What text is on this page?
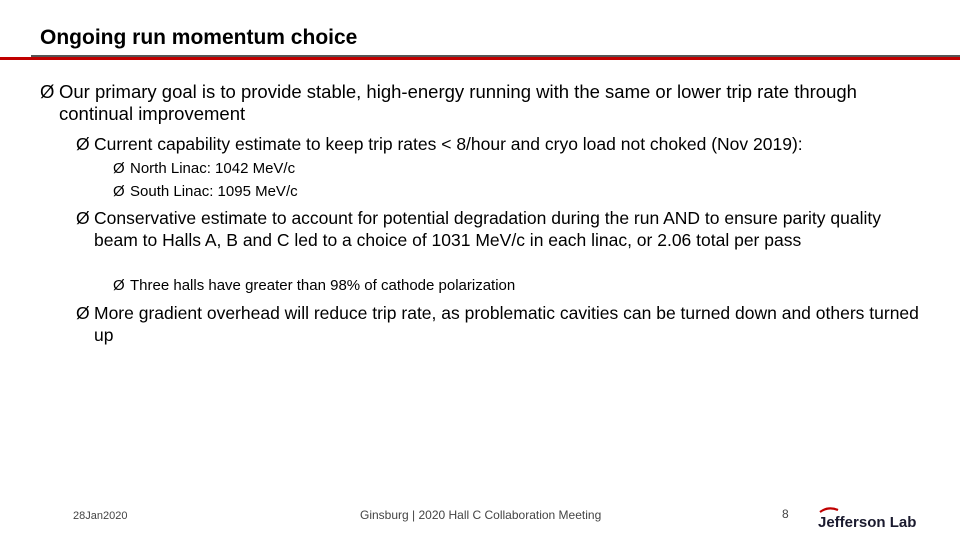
Ongoing run momentum choice
Ø Our primary goal is to provide stable, high-energy running with the same or lower trip rate through continual improvement
Ø Current capability estimate to keep trip rates < 8/hour and cryo load not choked (Nov 2019):
Ø North Linac: 1042 MeV/c
Ø South Linac: 1095 MeV/c
Ø Conservative estimate to account for potential degradation during the run AND to ensure parity quality beam to Halls A, B and C led to a choice of 1031 MeV/c in each linac, or 2.06 total per pass
Ø Three halls have greater than 98% of cathode polarization
Ø More gradient overhead will reduce trip rate, as problematic cavities can be turned down and others turned up
28Jan2020	Ginsburg | 2020 Hall C Collaboration Meeting	8 Jefferson Lab
